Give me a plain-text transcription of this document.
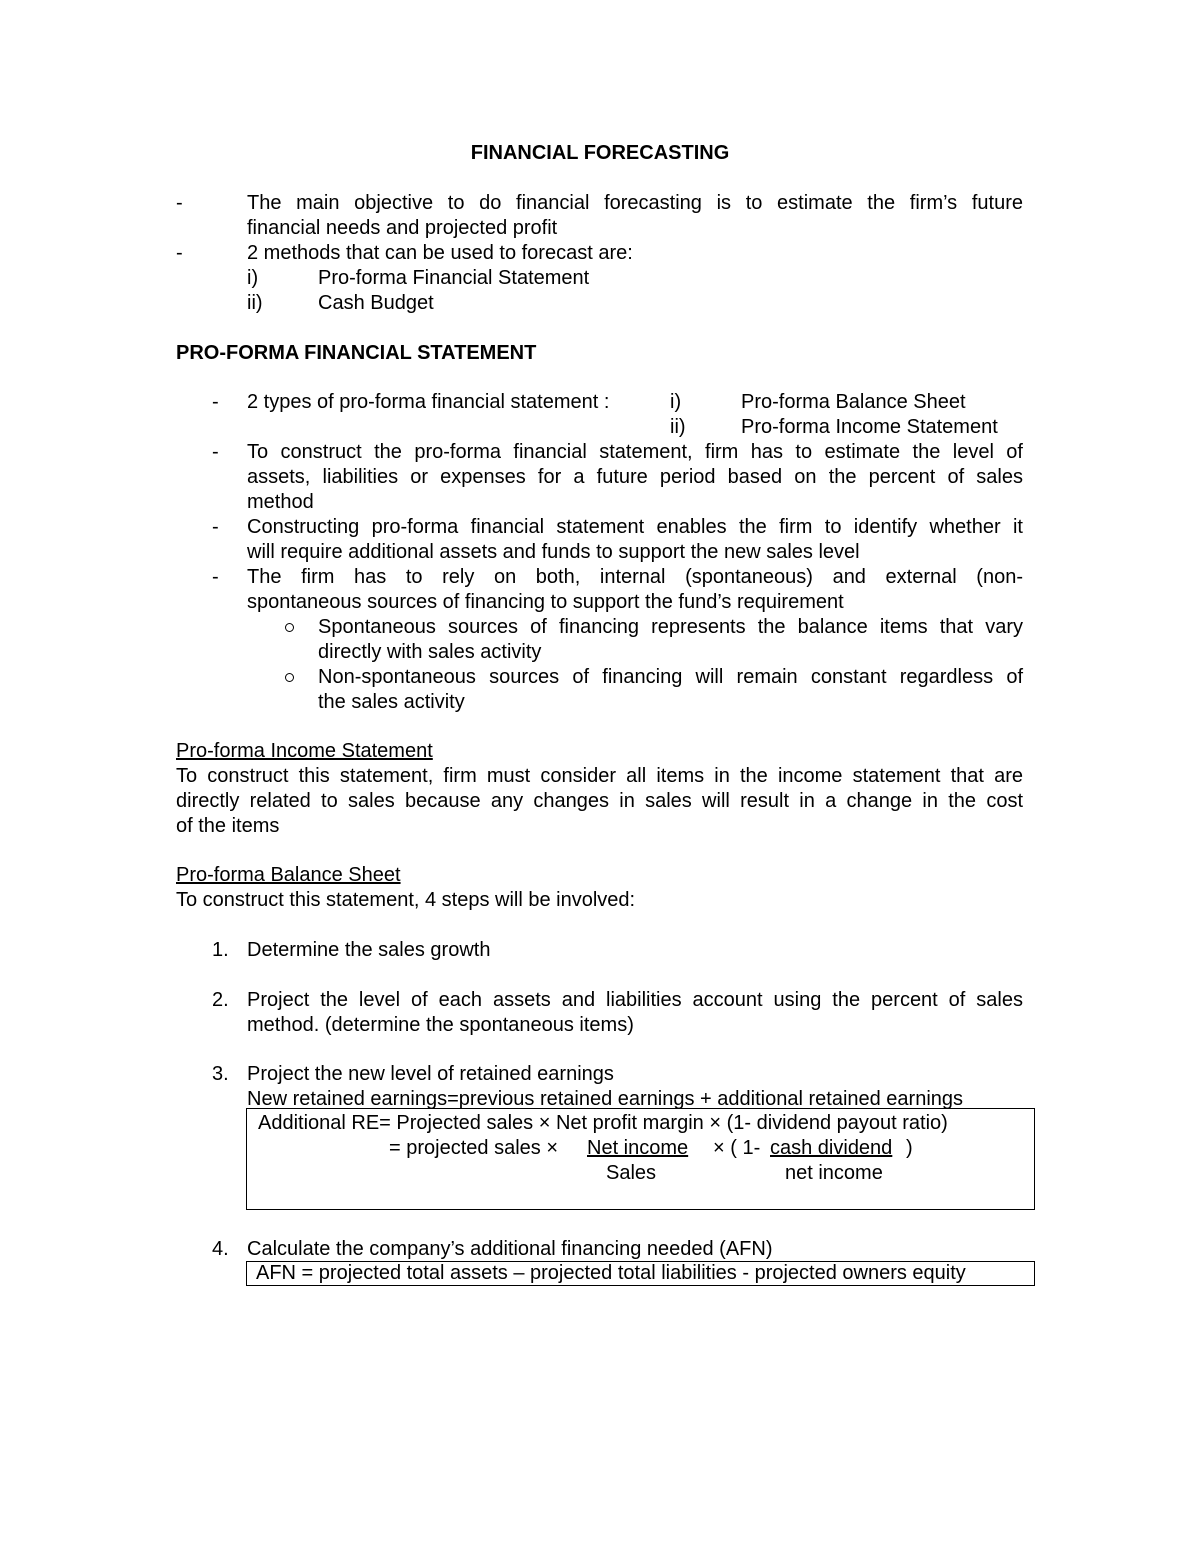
FINANCIAL FORECASTING
-	The main objective to do financial forecasting is to estimate the firm’s future
financial needs and projected profit
-	2 methods that can be used to forecast are:
i)	Pro-forma Financial Statement
ii)	Cash Budget
PRO-FORMA FINANCIAL STATEMENT
- 2 types of pro-forma financial statement :	i)	Pro-forma Balance Sheet
ii)	Pro-forma Income Statement
- To construct the pro-forma financial statement, firm has to estimate the level of
assets, liabilities or expenses for a future period based on the percent of sales
method
- Constructing pro-forma financial statement enables the firm to identify whether it
will require additional assets and funds to support the new sales level
- The firm has to rely on both, internal (spontaneous) and external (non-
spontaneous sources of financing to support the fund’s requirement
Spontaneous sources of financing represents the balance items that vary
directly with sales activity
Non-spontaneous sources of financing will remain constant regardless of
the sales activity
Pro-forma Income Statement
To construct this statement, firm must consider all items in the income statement that are
directly related to sales because any changes in sales will result in a change in the cost
of the items
Pro-forma Balance Sheet
To construct this statement, 4 steps will be involved:
1. Determine the sales growth
2. Project the level of each assets and liabilities account using the percent of sales
method. (determine the spontaneous items)
3. Project the new level of retained earnings
New retained earnings=previous retained earnings + additional retained earnings
Additional RE= Projected sales × Net profit margin × (1- dividend payout ratio)
= projected sales × Net income × ( 1- cash dividend )
Sales	net income
4. Calculate the company’s additional financing needed (AFN)
AFN = projected total assets – projected total liabilities - projected owners equity
